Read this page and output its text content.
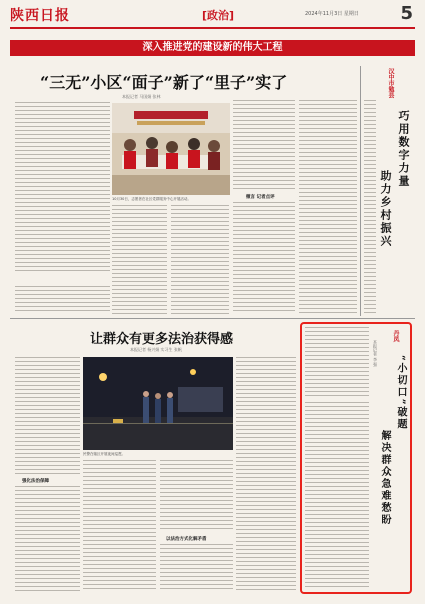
陕西日报	[政治]	2024年11月3日 星期日 5
深入推进党的建设新的伟大工程
“三无”小区“面子”新了“里子”实了
本报记者 马国娟 张林
10月30日，志愿者在社区党群服务中心开展活动。	微言 记者点评
汉中市勉县
巧用数字力量
助力乡村振兴
让群众有更多法治获得感
本报记者 杨兴娟 实习生 张帆
强化法治保障
民警在辖区开展夜间巡逻。
以法治方式化解矛盾
丹凤
“小切口”破题
解决群众急难愁盼
本报记者 李 强
